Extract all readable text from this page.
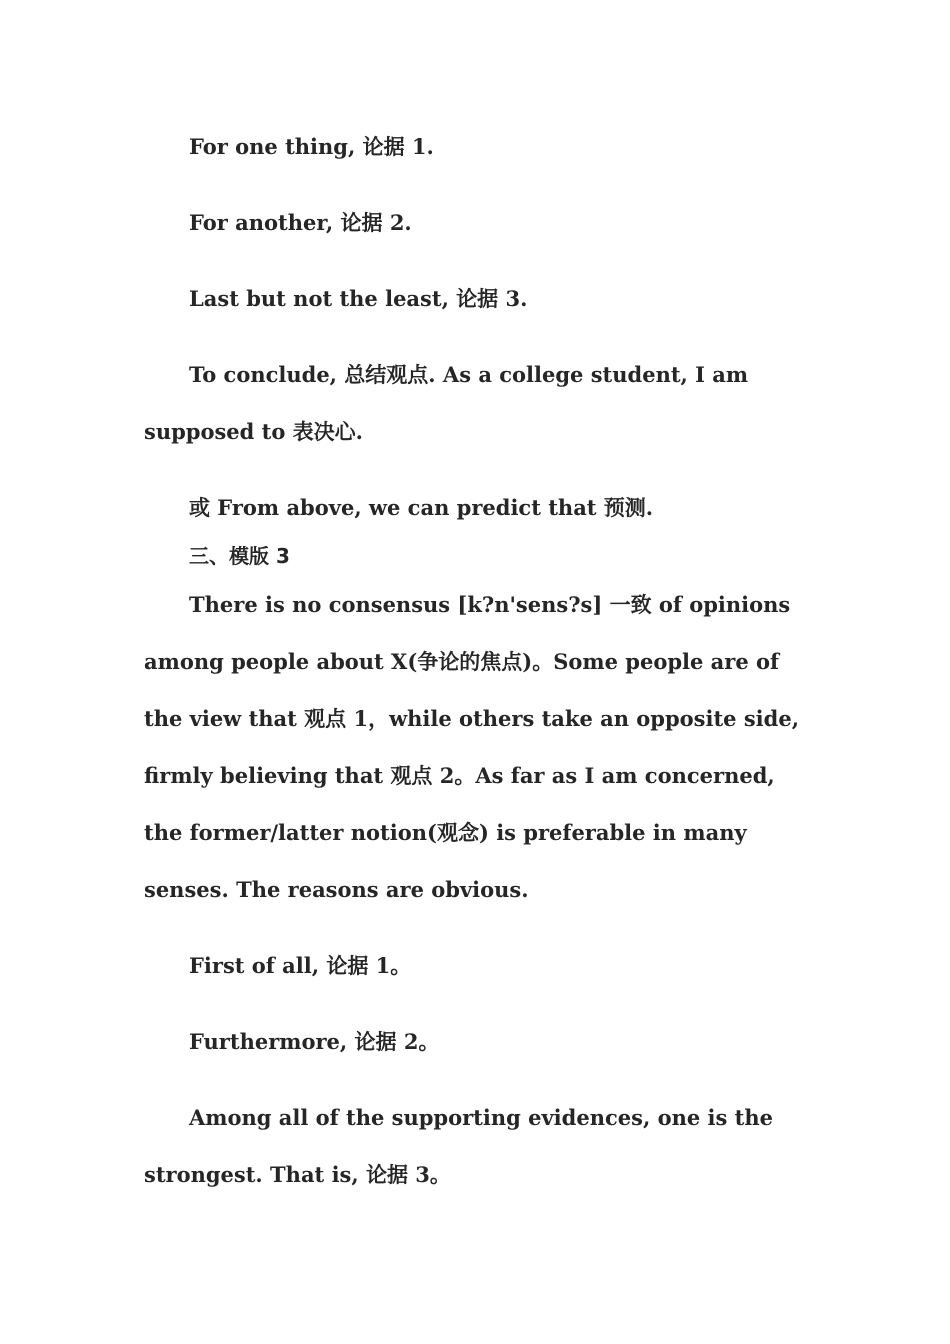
For one thing, 论据 1.

For another, 论据 2.

Last but not the least, 论据 3.

To conclude, 总结观点. As a college student, I am supposed to 表决心.

或 From above, we can predict that 预测.

三、模版 3

There is no consensus [k?n'sens?s] 一致 of opinions among people about X(争论的焦点)。Some people are of the view that 观点 1，while others take an opposite side, firmly believing that 观点 2。As far as I am concerned, the former/latter notion(观念) is preferable in many senses. The reasons are obvious.

First of all, 论据 1。

Furthermore, 论据 2。

Among all of the supporting evidences, one is the strongest. That is, 论据 3。
